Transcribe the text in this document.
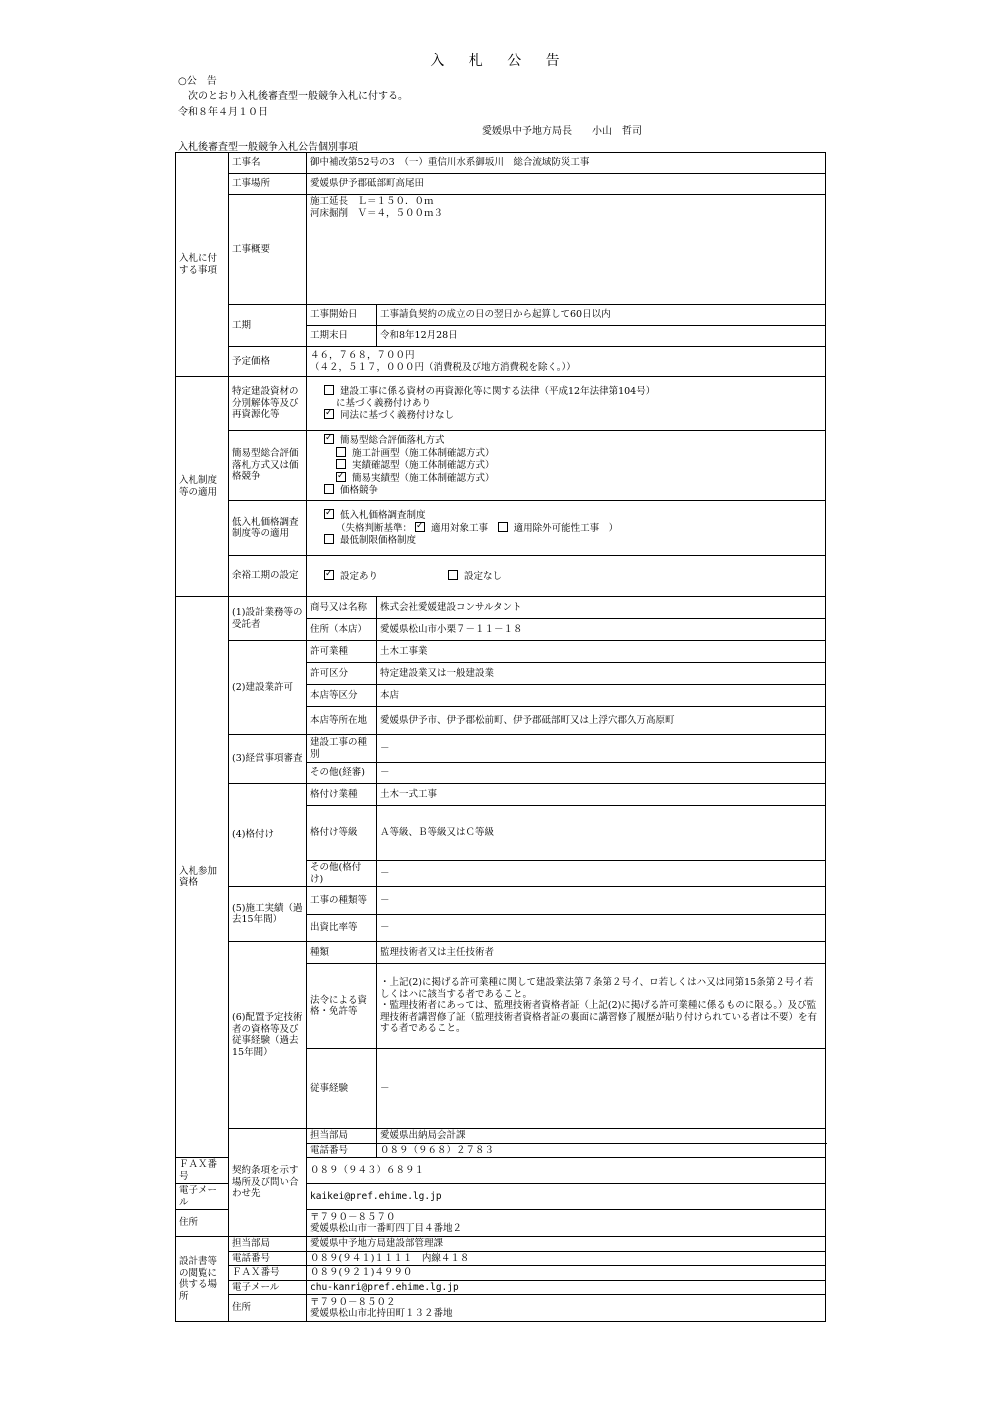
入 札 公 告
○公　告
次のとおり入札後審査型一般競争入札に付する。
令和８年４月１０日
愛媛県中予地方局長　　小山　哲司
入札後審査型一般競争入札公告個別事項
入札に付する事項	工事名	御中補改第52号の3　（一）重信川水系御坂川　総合流域防災工事	
	工事場所	愛媛県伊予郡砥部町高尾田	
	工事概要	施工延長　Ｌ＝１５０．０ｍ
河床掘削　Ｖ＝４，５００ｍ３	

	工期	工事開始日	工事請負契約の成立の日の翌日から起算して60日以内
		工期末日	令和8年12月28日
	予定価格	４６，７６８，７００円
（４２，５１７，０００円（消費税及び地方消費税を除く。））	

入札制度等の適用	特定建設資材の分別解体等及び再資源化等	建設工事に係る資材の再資源化等に関する法律（平成12年法律第104号）
に基づく義務付けあり
✓同法に基づく義務付けなし

	簡易型総合評価落札方式又は価格競争	
✓簡易型総合評価落札方式
施工計画型（施工体制確認方式）
実績確認型（施工体制確認方式）
✓簡易実績型（施工体制確認方式）
価格競争

	低入札価格調査制度等の適用	
✓低入札価格調査制度
（失格判断基準： ✓ 適用対象工事　 適用除外可能性工事　）
最低制限価格制度

	余裕工期の設定	
✓設定あり 設定なし

入札参加資格	(1)設計業務等の受託者	商号又は名称	株式会社愛媛建設コンサルタント
		住所（本店）	愛媛県松山市小栗７－１１－１８
	(2)建設業許可	許可業種	土木工事業
		許可区分	特定建設業又は一般建設業
		本店等区分	本店
		本店等所在地	愛媛県伊予市、伊予郡松前町、伊予郡砥部町又は上浮穴郡久万高原町
	(3)経営事項審査	建設工事の種別	－
		その他(経審)	－
	(4)格付け	格付け業種	土木一式工事
		格付け等級	Ａ等級、Ｂ等級又はＣ等級
		その他(格付け)	－
	(5)施工実績（過去15年間）	工事の種類等	－
		出資比率等	－
	(6)配置予定技術者の資格等及び従事経験（過去15年間）	種類	監理技術者又は主任技術者
		法令による資格・免許等	・上記(2)に掲げる許可業種に関して建設業法第７条第２号イ、ロ若しくはハ又は同第15条第２号イ若しくはハに該当する者であること。
・監理技術者にあっては、監理技術者資格者証（上記(2)に掲げる許可業種に係るものに限る。）及び監理技術者講習修了証（監理技術者資格者証の裏面に講習修了履歴が貼り付けられている者は不要）を有する者であること。

		従事経験	－
	契約条項を示す場所及び問い合わせ先	担当部局	愛媛県出納局会計課
		電話番号	０８９（９６８）２７８３
ＦＡＸ番号		０８９（９４３）６８９１	
電子メール		kaikei@pref.ehime.lg.jp	
住所		〒７９０－８５７０
愛媛県松山市一番町四丁目４番地２	

設計書等の閲覧に供する場所	担当部局	愛媛県中予地方局建設部管理課	
	電話番号	０８９(９４１)１１１１　内線４１８	
	ＦＡＸ番号	０８９(９２１)４９９０	
	電子メール	chu-kanri@pref.ehime.lg.jp	
	住所	〒７９０－８５０２
愛媛県松山市北持田町１３２番地	
